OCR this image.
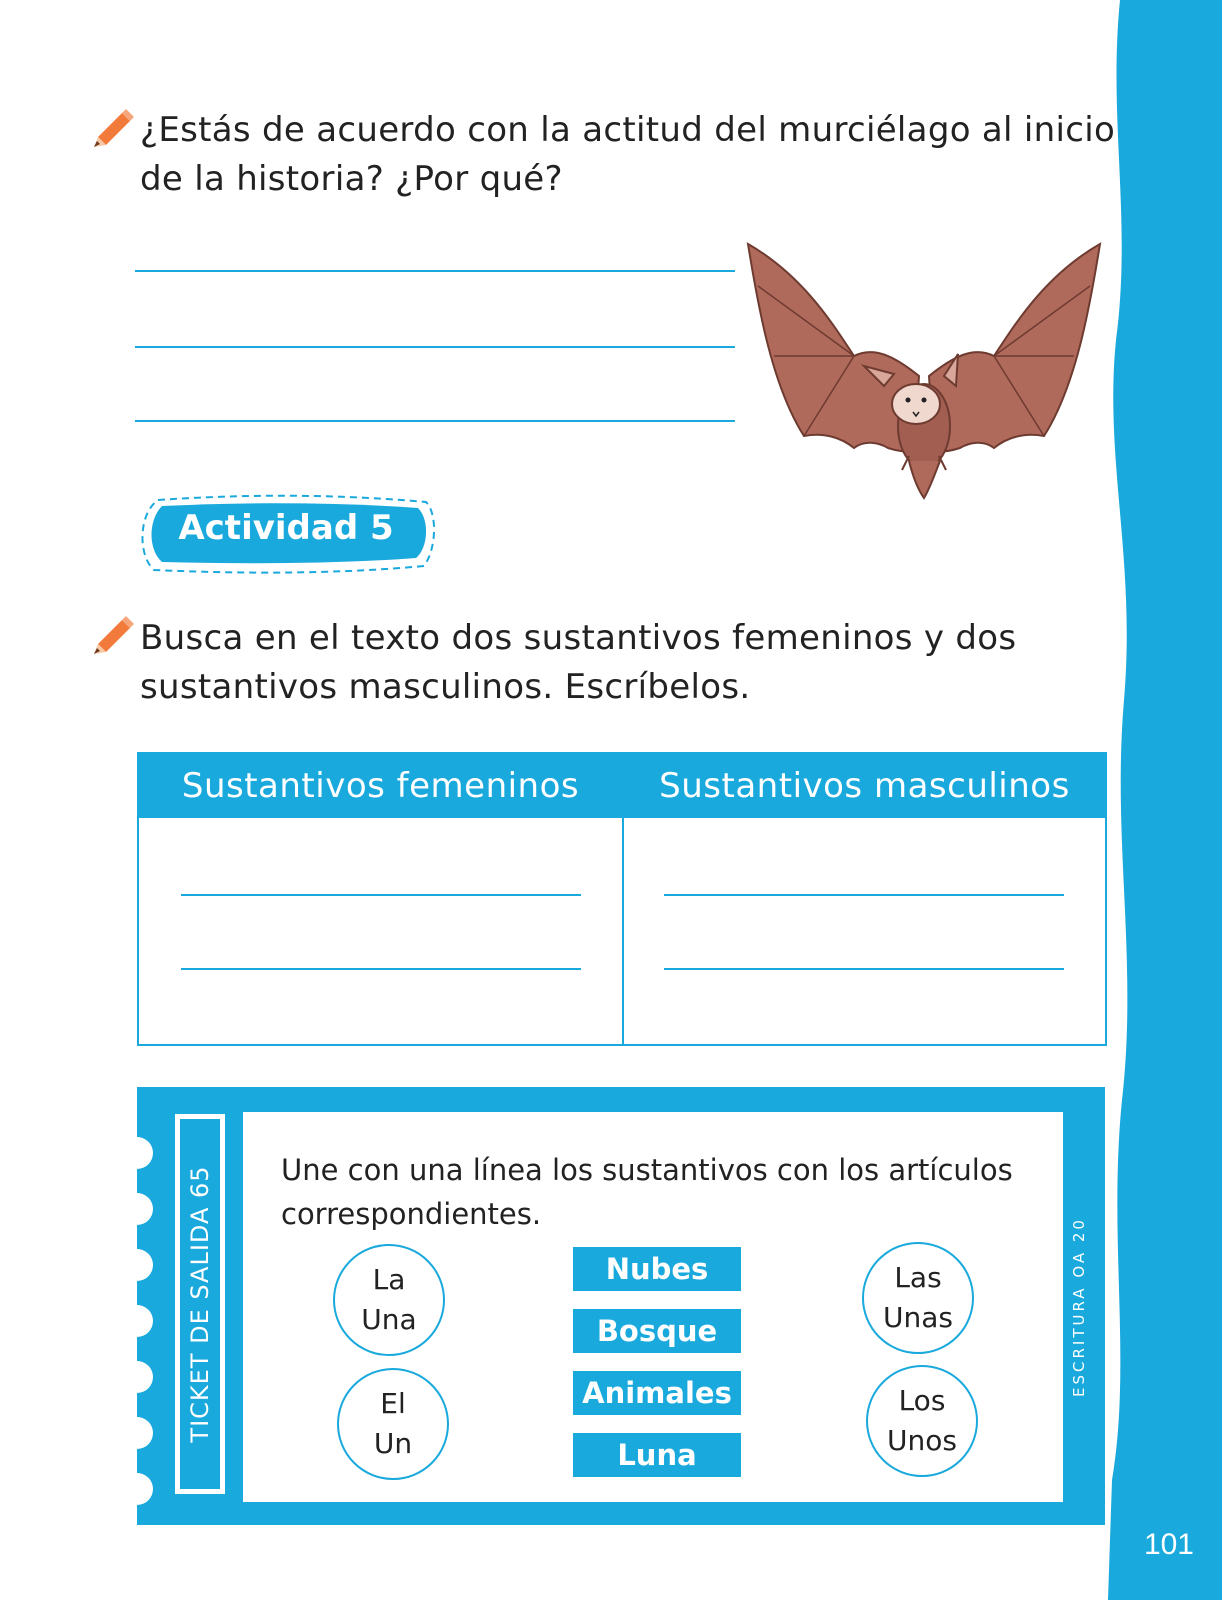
101
¿Estás de acuerdo con la actitud del murciélago al inicio
de la historia? ¿Por qué?
Actividad 5
Busca en el texto dos sustantivos femeninos y dos
sustantivos masculinos. Escríbelos.
Sustantivos femeninos	Sustantivos masculinos
TICKET DE SALIDA 65	ESCRITURA OA 20
Une con una línea los sustantivos con los artículos correspondientes.
La
Una
El
Un
Nubes
Bosque
Animales
Luna
Las
Unas
Los
Unos
